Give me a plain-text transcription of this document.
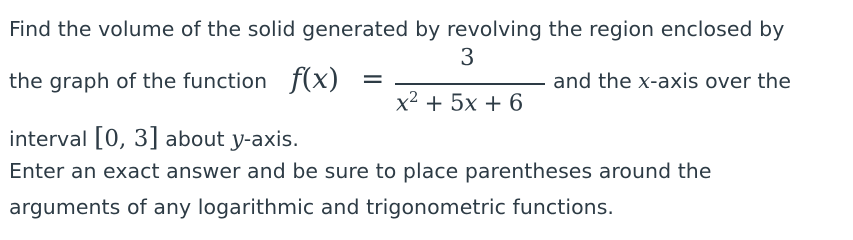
Find the volume of the solid generated by revolving the region enclosed by
the graph of the function f(x) =
3
$x^2 + 5x + 6$
and the x-axis over the
interval [0, 3] about y-axis.
Enter an exact answer and be sure to place parentheses around the
arguments of any logarithmic and trigonometric functions.
